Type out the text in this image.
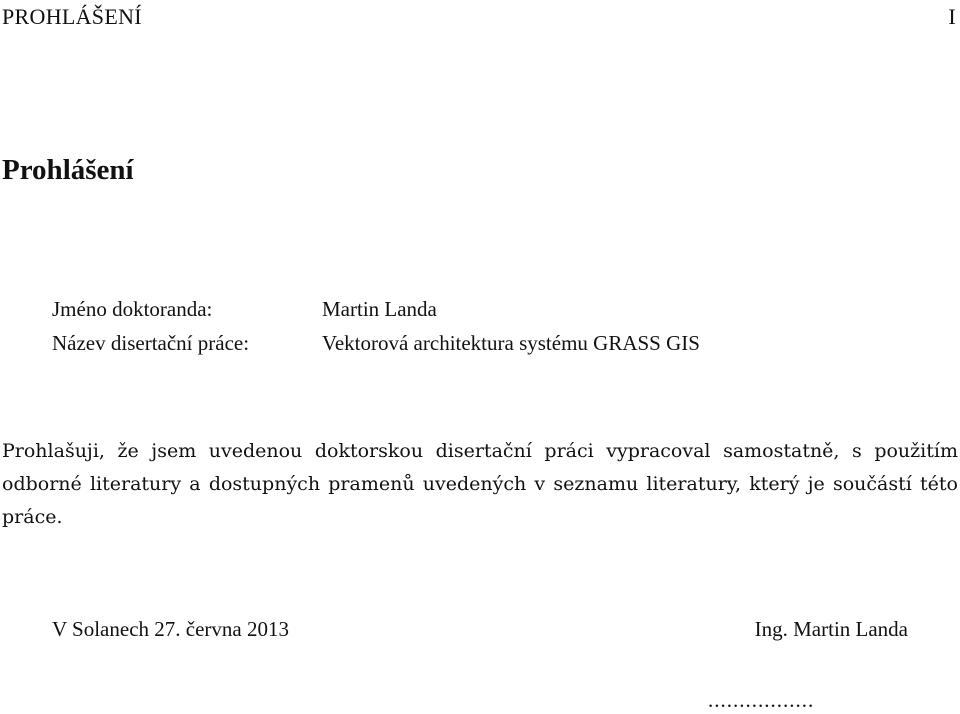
PROHLÁŠENÍ	I
Prohlášení
Jméno doktoranda:	Martin Landa
Název disertační práce:	Vektorová architektura systému GRASS GIS

Prohlašuji, že jsem uvedenou doktorskou disertační práci vypracoval samostatně, s použitím odborné literatury a dostupných pramenů uvedených v seznamu literatury, který je součástí této práce.

V Solanech 27. června 2013	Ing. Martin Landa
.................
